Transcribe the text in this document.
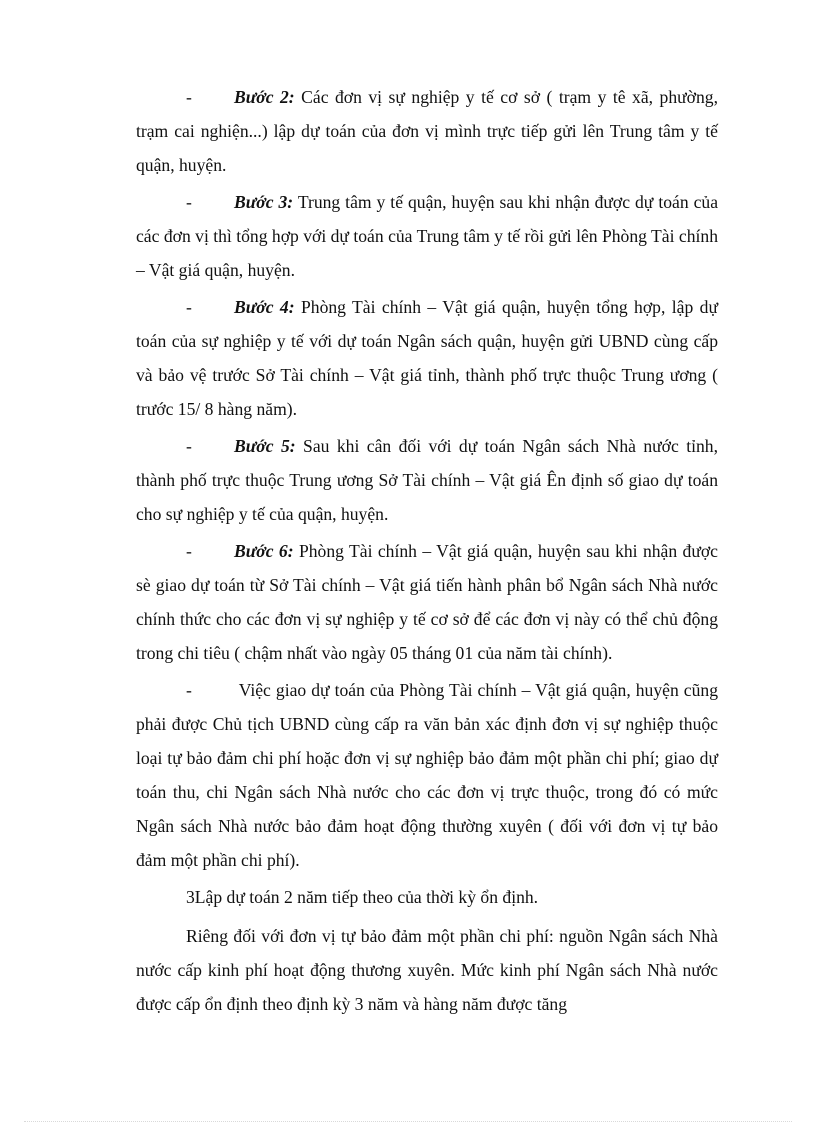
- Bước 2: Các đơn vị sự nghiệp y tế cơ sở ( trạm y tê xã, phường, trạm cai nghiện...) lập dự toán của đơn vị mình trực tiếp gửi lên Trung tâm y tế quận, huyện.

- Bước 3: Trung tâm y tế quận, huyện sau khi nhận được dự toán của các đơn vị thì tổng hợp với dự toán của Trung tâm y tế rồi gửi lên Phòng Tài chính – Vật giá quận, huyện.

- Bước 4: Phòng Tài chính – Vật giá quận, huyện tổng hợp, lập dự toán của sự nghiệp y tế với dự toán Ngân sách quận, huyện gửi UBND cùng cấp và bảo vệ trước Sở Tài chính – Vật giá tỉnh, thành phố trực thuộc Trung ương ( trước 15/ 8 hàng năm).

- Bước 5: Sau khi cân đối với dự toán Ngân sách Nhà nước tỉnh, thành phố trực thuộc Trung ương Sở Tài chính – Vật giá Ên định số giao dự toán cho sự nghiệp y tế của quận, huyện.

- Bước 6: Phòng Tài chính – Vật giá quận, huyện sau khi nhận được sè giao dự toán từ Sở Tài chính – Vật giá tiến hành phân bổ Ngân sách Nhà nước chính thức cho các đơn vị sự nghiệp y tế cơ sở để các đơn vị này có thể chủ động trong chi tiêu ( chậm nhất vào ngày 05 tháng 01 của năm tài chính).

- Việc giao dự toán của Phòng Tài chính – Vật giá quận, huyện cũng phải được Chủ tịch UBND cùng cấp ra văn bản xác định đơn vị sự nghiệp thuộc loại tự bảo đảm chi phí hoặc đơn vị sự nghiệp bảo đảm một phần chi phí; giao dự toán thu, chi Ngân sách Nhà nước cho các đơn vị trực thuộc, trong đó có mức Ngân sách Nhà nước bảo đảm hoạt động thường xuyên ( đối với đơn vị tự bảo đảm một phần chi phí).

3Lập dự toán 2 năm tiếp theo của thời kỳ ổn định.

Riêng đối với đơn vị tự bảo đảm một phần chi phí: nguồn Ngân sách Nhà nước cấp kinh phí hoạt động thương xuyên. Mức kinh phí Ngân sách Nhà nước được cấp ổn định theo định kỳ 3 năm và hàng năm được tăng
